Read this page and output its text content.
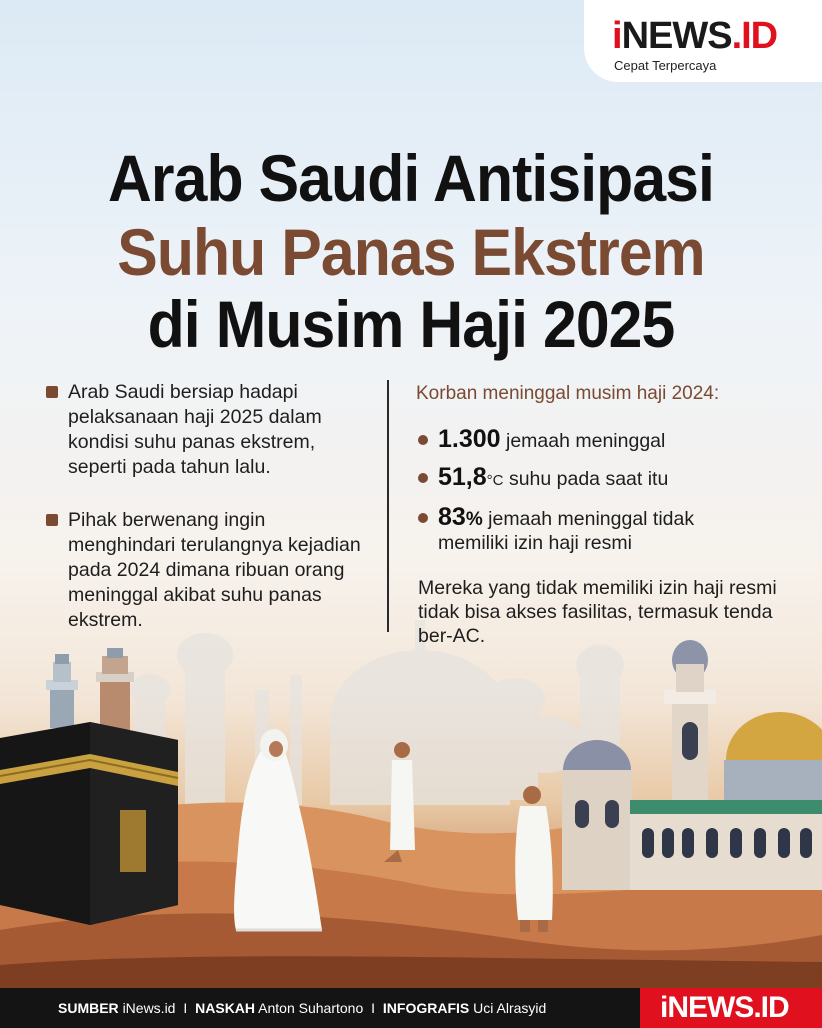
iNEWS.ID
Cepat Terpercaya
Arab Saudi Antisipasi
Suhu Panas Ekstrem
di Musim Haji 2025
Arab Saudi bersiap hadapi pelaksanaan haji 2025 dalam kondisi suhu panas ekstrem, seperti pada tahun lalu.
Pihak berwenang ingin menghindari terulangnya kejadian pada 2024 dimana ribuan orang meninggal akibat suhu panas ekstrem.
Korban meninggal musim haji 2024:
1.300 jemaah meninggal
51,8°C suhu pada saat itu
83% jemaah meninggal tidak
memiliki izin haji resmi
Mereka yang tidak memiliki izin haji resmi tidak bisa akses fasilitas, termasuk tenda ber-AC.
SUMBER iNews.id I NASKAH Anton Suhartono I INFOGRAFIS Uci Alrasyid	iNEWS.ID
